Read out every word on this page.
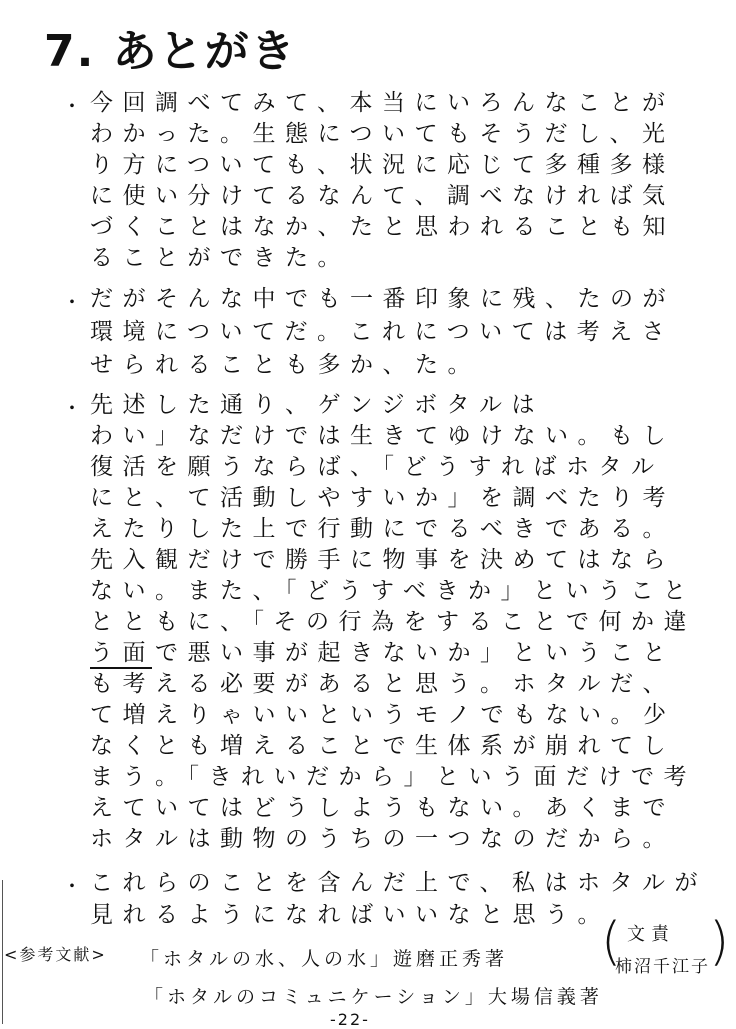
7. あとがき
・ 今回調べてみて、本当にいろんなことが
わかった。生態についてもそうだし、光
り方についても、状況に応じて多種多様
に使い分けてるなんて、調べなければ気
づくことはなか、たと思われることも知
ることができた。
・ だがそんな中でも一番印象に残、たのが
環境についてだ。これについては考えさ
せられることも多か、た。
・ 先述した通り、ゲンジボタルは
わい」なだけでは生きてゆけない。もし
復活を願うならば、「どうすればホタル
にと、て活動しやすいか」を調べたり考
えたりした上で行動にでるべきである。
先入観だけで勝手に物事を決めてはなら
ない。また、「どうすべきか」ということ
とともに、「その行為をすることで何か違
う面で悪い事が起きないか」ということ
も考える必要があると思う。ホタルだ、
て増えりゃいいというモノでもない。少
なくとも増えることで生体系が崩れてし
まう。「きれいだから」という面だけで考
えていてはどうしようもない。あくまで
ホタルは動物のうちの一つなのだから。
・ これらのことを含んだ上で、私はホタルが
見れるようになればいいなと思う。
( 文責
柿沼千江子 )
<参考文献> 「ホタルの水、人の水」遊磨正秀著
「ホタルのコミュニケーション」大場信義著
-22-
